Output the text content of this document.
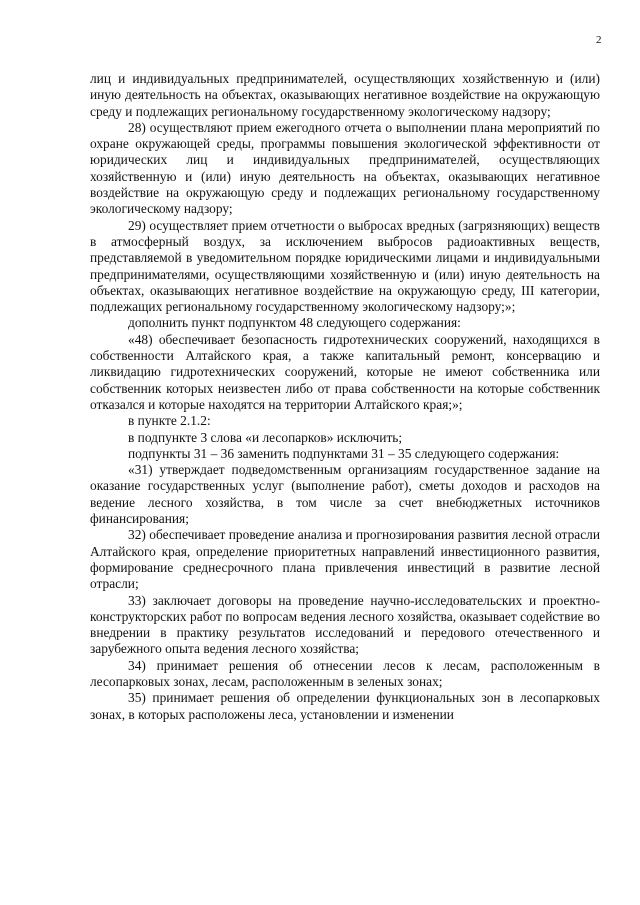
2

лиц и индивидуальных предпринимателей, осуществляющих хозяйственную и (или) иную деятельность на объектах, оказывающих негативное воздействие на окружающую среду и подлежащих региональному государственному экологическому надзору;

28) осуществляют прием ежегодного отчета о выполнении плана мероприятий по охране окружающей среды, программы повышения экологической эффективности от юридических лиц и индивидуальных предпринимателей, осуществляющих хозяйственную и (или) иную деятельность на объектах, оказывающих негативное воздействие на окружающую среду и подлежащих региональному государственному экологическому надзору;

29) осуществляет прием отчетности о выбросах вредных (загрязняющих) веществ в атмосферный воздух, за исключением выбросов радиоактивных веществ, представляемой в уведомительном порядке юридическими лицами и индивидуальными предпринимателями, осуществляющими хозяйственную и (или) иную деятельность на объектах, оказывающих негативное воздействие на окружающую среду, III категории, подлежащих региональному государственному экологическому надзору;»;

дополнить пункт подпунктом 48 следующего содержания:

«48) обеспечивает безопасность гидротехнических сооружений, находящихся в собственности Алтайского края, а также капитальный ремонт, консервацию и ликвидацию гидротехнических сооружений, которые не имеют собственника или собственник которых неизвестен либо от права собственности на которые собственник отказался и которые находятся на территории Алтайского края;»;

в пункте 2.1.2:

в подпункте 3 слова «и лесопарков» исключить;

подпункты 31 – 36 заменить подпунктами 31 – 35 следующего содержания:

«31) утверждает подведомственным организациям государственное задание на оказание государственных услуг (выполнение работ), сметы доходов и расходов на ведение лесного хозяйства, в том числе за счет внебюджетных источников финансирования;

32) обеспечивает проведение анализа и прогнозирования развития лесной отрасли Алтайского края, определение приоритетных направлений инвестиционного развития, формирование среднесрочного плана привлечения инвестиций в развитие лесной отрасли;

33) заключает договоры на проведение научно-исследовательских и проектно-конструкторских работ по вопросам ведения лесного хозяйства, оказывает содействие во внедрении в практику результатов исследований и передового отечественного и зарубежного опыта ведения лесного хозяйства;

34) принимает решения об отнесении лесов к лесам, расположенным в лесопарковых зонах, лесам, расположенным в зеленых зонах;

35) принимает решения об определении функциональных зон в лесопарковых зонах, в которых расположены леса, установлении и изменении
